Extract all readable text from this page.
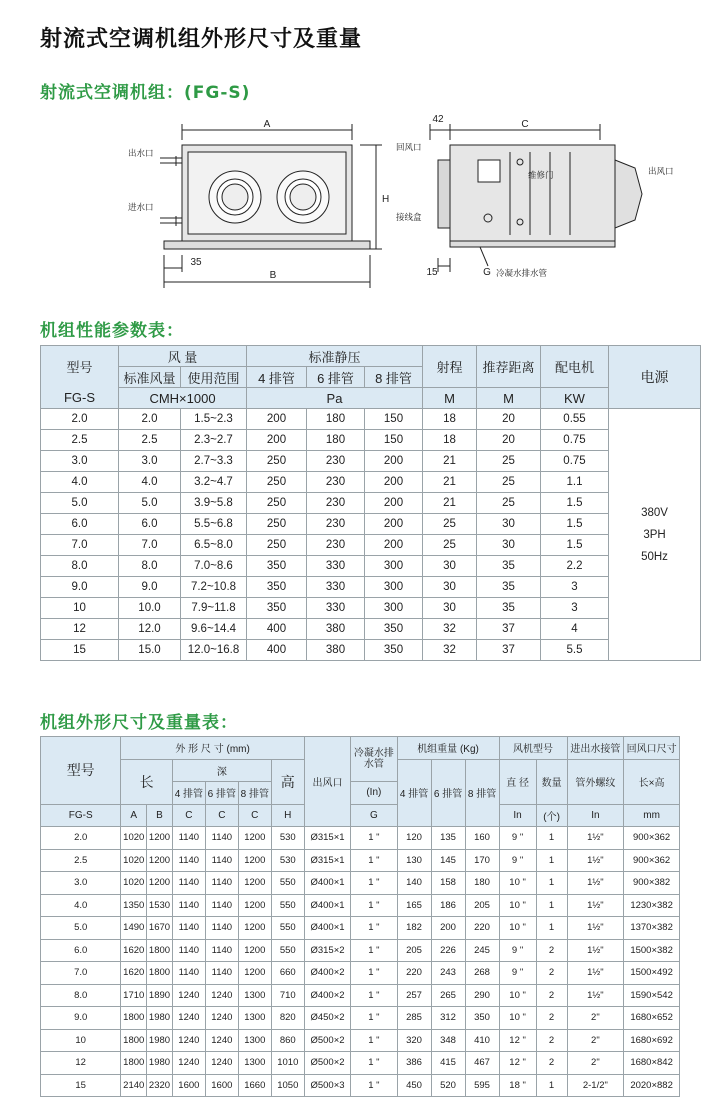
射流式空调机组外形尺寸及重量
射流式空调机组：(FG-S)
A
B
H
35
42	C
15	G
出水口
进水口
回风口
接线盒
维修门	出风口
冷凝水排水管
机组性能参数表：
型号	风 量		标准静压			射程	推荐距离	配电机	电源
	标准风量	使用范围	4 排管	6 排管	8 排管				
FG-S	CMH×1000		Pa			M	M	KW	
2.0	2.0	1.5~2.3	200	180	150	18	20	0.55	380V
3PH
50Hz

2.5	2.5	2.3~2.7	200	180	150	18	20	0.75	
3.0	3.0	2.7~3.3	250	230	200	21	25	0.75	
4.0	4.0	3.2~4.7	250	230	200	21	25	1.1	
5.0	5.0	3.9~5.8	250	230	200	21	25	1.5	
6.0	6.0	5.5~6.8	250	230	200	25	30	1.5	
7.0	7.0	6.5~8.0	250	230	200	25	30	1.5	
8.0	8.0	7.0~8.6	350	330	300	30	35	2.2	
9.0	9.0	7.2~10.8	350	330	300	30	35	3	
10	10.0	7.9~11.8	350	330	300	30	35	3	
12	12.0	9.6~14.4	400	380	350	32	37	4	
15	15.0	12.0~16.8	400	380	350	32	37	5.5	
机组外形尺寸及重量表：
型号	外 形 尺 寸 (mm)						出风口	冷凝水排水管	机组重量 (Kg)			风机型号		进出水接管	回风口尺寸
	长		深			高			4 排管	6 排管	8 排管	直 径	数量	管外螺纹	长×高
			4 排管	6 排管	8 排管			(In)							
FG-S	A	B	C	C	C	H		G				In	(个)	In	mm
2.0	1020	1200	1140	1140	1200	530	Ø315×1	1 "	120	135	160	9 "	1	1½"	900×362
2.5	1020	1200	1140	1140	1200	530	Ø315×1	1 "	130	145	170	9 "	1	1½"	900×362
3.0	1020	1200	1140	1140	1200	550	Ø400×1	1 "	140	158	180	10 "	1	1½"	900×382
4.0	1350	1530	1140	1140	1200	550	Ø400×1	1 "	165	186	205	10 "	1	1½"	1230×382
5.0	1490	1670	1140	1140	1200	550	Ø400×1	1 "	182	200	220	10 "	1	1½"	1370×382
6.0	1620	1800	1140	1140	1200	550	Ø315×2	1 "	205	226	245	9 "	2	1½"	1500×382
7.0	1620	1800	1140	1140	1200	660	Ø400×2	1 "	220	243	268	9 "	2	1½"	1500×492
8.0	1710	1890	1240	1240	1300	710	Ø400×2	1 "	257	265	290	10 "	2	1½"	1590×542
9.0	1800	1980	1240	1240	1300	820	Ø450×2	1 "	285	312	350	10 "	2	2"	1680×652
10	1800	1980	1240	1240	1300	860	Ø500×2	1 "	320	348	410	12 "	2	2"	1680×692
12	1800	1980	1240	1240	1300	1010	Ø500×2	1 "	386	415	467	12 "	2	2"	1680×842
15	2140	2320	1600	1600	1660	1050	Ø500×3	1 "	450	520	595	18 "	1	2-1/2"	2020×882
